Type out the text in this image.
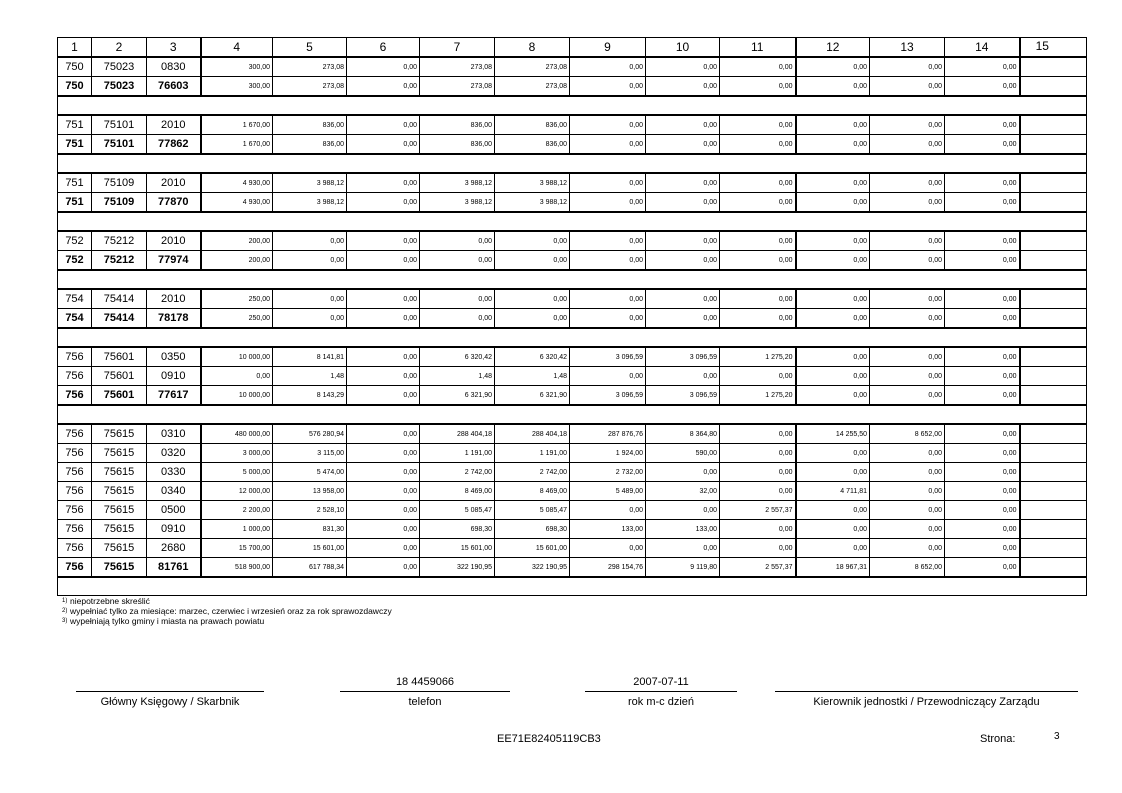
1	2	3	4	5	6	7	8	9	10	11	12	13	14	15
750	75023	0830	300,00	273,08	0,00	273,08	273,08	0,00	0,00	0,00	0,00	0,00	0,00	
750	75023	76603	300,00	273,08	0,00	273,08	273,08	0,00	0,00	0,00	0,00	0,00	0,00	

751	75101	2010	1 670,00	836,00	0,00	836,00	836,00	0,00	0,00	0,00	0,00	0,00	0,00	
751	75101	77862	1 670,00	836,00	0,00	836,00	836,00	0,00	0,00	0,00	0,00	0,00	0,00	

751	75109	2010	4 930,00	3 988,12	0,00	3 988,12	3 988,12	0,00	0,00	0,00	0,00	0,00	0,00	
751	75109	77870	4 930,00	3 988,12	0,00	3 988,12	3 988,12	0,00	0,00	0,00	0,00	0,00	0,00	

752	75212	2010	200,00	0,00	0,00	0,00	0,00	0,00	0,00	0,00	0,00	0,00	0,00	
752	75212	77974	200,00	0,00	0,00	0,00	0,00	0,00	0,00	0,00	0,00	0,00	0,00	

754	75414	2010	250,00	0,00	0,00	0,00	0,00	0,00	0,00	0,00	0,00	0,00	0,00	
754	75414	78178	250,00	0,00	0,00	0,00	0,00	0,00	0,00	0,00	0,00	0,00	0,00	

756	75601	0350	10 000,00	8 141,81	0,00	6 320,42	6 320,42	3 096,59	3 096,59	1 275,20	0,00	0,00	0,00	
756	75601	0910	0,00	1,48	0,00	1,48	1,48	0,00	0,00	0,00	0,00	0,00	0,00	
756	75601	77617	10 000,00	8 143,29	0,00	6 321,90	6 321,90	3 096,59	3 096,59	1 275,20	0,00	0,00	0,00	

756	75615	0310	480 000,00	576 280,94	0,00	288 404,18	288 404,18	287 876,76	8 364,80	0,00	14 255,50	8 652,00	0,00	
756	75615	0320	3 000,00	3 115,00	0,00	1 191,00	1 191,00	1 924,00	590,00	0,00	0,00	0,00	0,00	
756	75615	0330	5 000,00	5 474,00	0,00	2 742,00	2 742,00	2 732,00	0,00	0,00	0,00	0,00	0,00	
756	75615	0340	12 000,00	13 958,00	0,00	8 469,00	8 469,00	5 489,00	32,00	0,00	4 711,81	0,00	0,00	
756	75615	0500	2 200,00	2 528,10	0,00	5 085,47	5 085,47	0,00	0,00	2 557,37	0,00	0,00	0,00	
756	75615	0910	1 000,00	831,30	0,00	698,30	698,30	133,00	133,00	0,00	0,00	0,00	0,00	
756	75615	2680	15 700,00	15 601,00	0,00	15 601,00	15 601,00	0,00	0,00	0,00	0,00	0,00	0,00	
756	75615	81761	518 900,00	617 788,34	0,00	322 190,95	322 190,95	298 154,76	9 119,80	2 557,37	18 967,31	8 652,00	0,00	

1) niepotrzebne skreślić
2) wypełniać tylko za miesiące: marzec, czerwiec i wrzesień oraz za rok sprawozdawczy
3) wypełniają tylko gminy i miasta na prawach powiatu
18 4459066	2007-07-11
Główny Księgowy / Skarbnik	telefon	rok m-c dzień	Kierownik jednostki / Przewodniczący Zarządu
EE71E82405119CB3	Strona:	3
